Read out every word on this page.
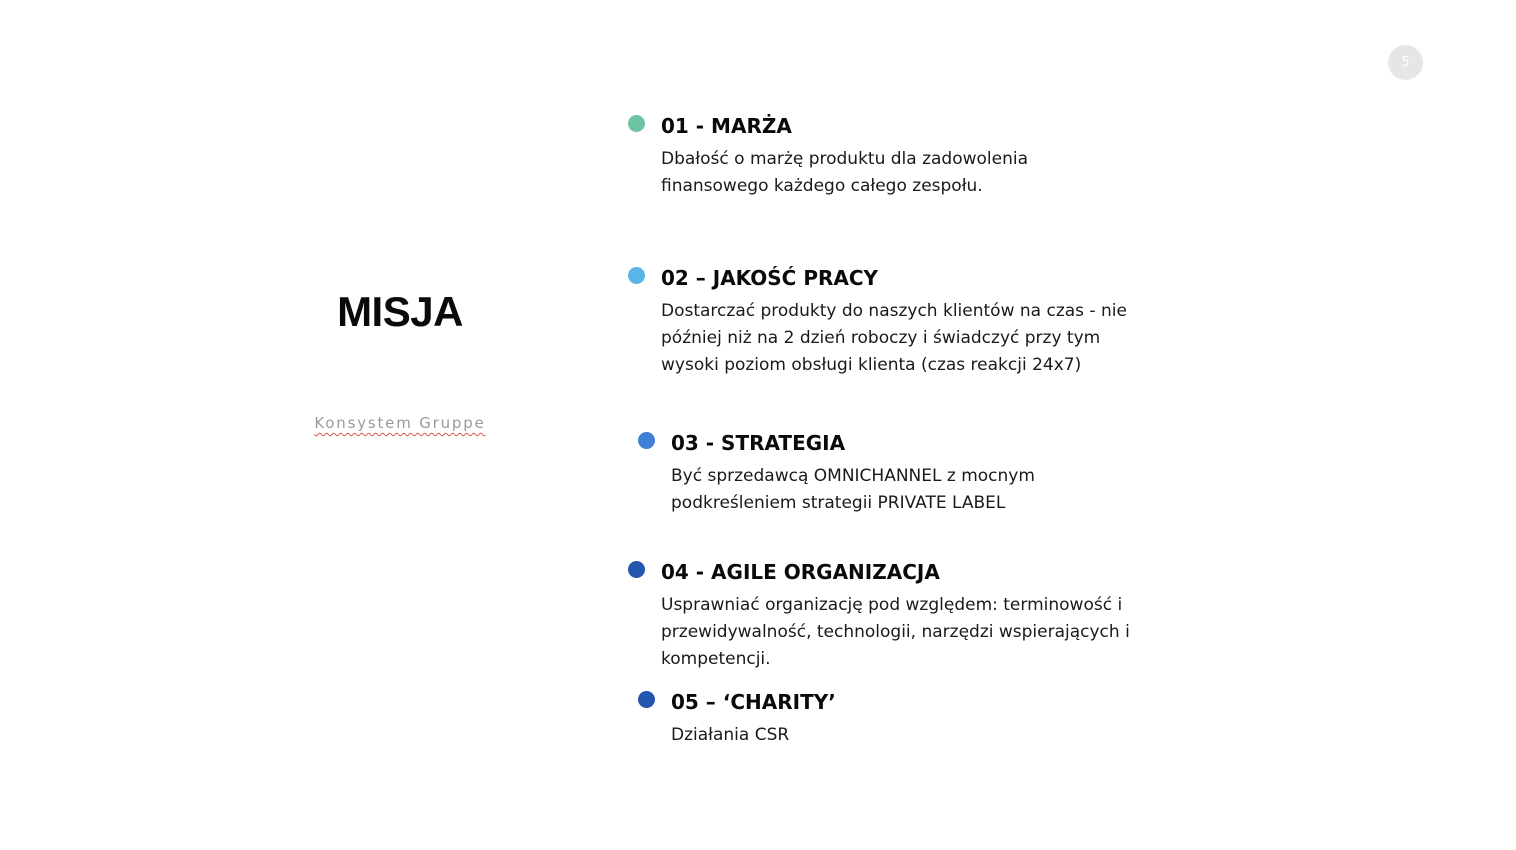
5
MISJA
Konsystem Gruppe
01 - MARŻA

Dbałość o marżę produktu dla zadowolenia finansowego każdego całego zespołu.

02 – JAKOŚĆ PRACY

Dostarczać produkty do naszych klientów na czas - nie później niż na 2 dzień roboczy i świadczyć przy tym wysoki poziom obsługi klienta (czas reakcji 24x7)

03 - STRATEGIA

Być sprzedawcą OMNICHANNEL z mocnym podkreśleniem strategii PRIVATE LABEL

04 - AGILE ORGANIZACJA

Usprawniać organizację pod względem: terminowość i przewidywalność, technologii, narzędzi wspierających i kompetencji.

05 – ‘CHARITY’

Działania CSR
